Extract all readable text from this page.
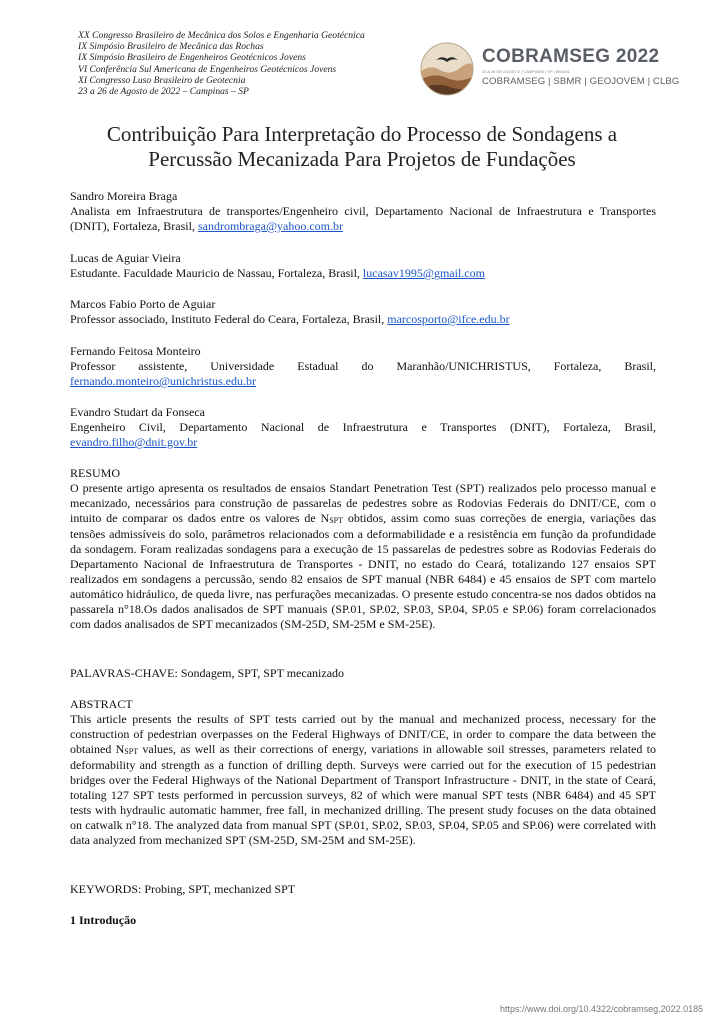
XX Congresso Brasileiro de Mecânica dos Solos e Engenharia Geotécnica
IX Simpósio Brasileiro de Mecânica das Rochas
IX Simpósio Brasileiro de Engenheiros Geotécnicos Jovens
VI Conferência Sul Americana de Engenheiros Geotécnicos Jovens
XI Congresso Luso Brasileiro de Geotecnia
23 a 26 de Agosto de 2022 – Campinas – SP
COBRAMSEG 2022
23 A 26 DE AGOSTO | CAMPINAS | SP | BRASIL
COBRAMSEG | SBMR | GEOJOVEM | CLBG
Contribuição Para Interpretação do Processo de Sondagens a
Percussão Mecanizada Para Projetos de Fundações
Sandro Moreira Braga
Analista em Infraestrutura de transportes/Engenheiro civil, Departamento Nacional de Infraestrutura e Transportes (DNIT), Fortaleza, Brasil, sandrombraga@yahoo.com.br
Lucas de Aguiar Vieira
Estudante. Faculdade Mauricio de Nassau, Fortaleza, Brasil, lucasav1995@gmail.com
Marcos Fabio Porto de Aguiar
Professor associado, Instituto Federal do Ceara, Fortaleza, Brasil, marcosporto@ifce.edu.br
Fernando Feitosa Monteiro
Professor assistente, Universidade Estadual do Maranhão/UNICHRISTUS, Fortaleza, Brasil, fernando.monteiro@unichristus.edu.br
Evandro Studart da Fonseca
Engenheiro Civil, Departamento Nacional de Infraestrutura e Transportes (DNIT), Fortaleza, Brasil, evandro.filho@dnit.gov.br
RESUMO
O presente artigo apresenta os resultados de ensaios Standart Penetration Test (SPT) realizados pelo processo manual e mecanizado, necessários para construção de passarelas de pedestres sobre as Rodovias Federais do DNIT/CE, com o intuito de comparar os dados entre os valores de $N_{SPT}$ obtidos, assim como suas correções de energia, variações das tensões admissíveis do solo, parâmetros relacionados com a deformabilidade e a resistência em função da profundidade da sondagem. Foram realizadas sondagens para a execução de 15 passarelas de pedestres sobre as Rodovias Federais do Departamento Nacional de Infraestrutura de Transportes - DNIT, no estado do Ceará, totalizando 127 ensaios SPT realizados em sondagens a percussão, sendo 82 ensaios de SPT manual (NBR 6484) e 45 ensaios de SPT com martelo automático hidráulico, de queda livre, nas perfurações mecanizadas. O presente estudo concentra-se nos dados obtidos na passarela n°18.Os dados analisados de SPT manuais (SP.01, SP.02, SP.03, SP.04, SP.05 e SP.06) foram correlacionados com dados analisados de SPT mecanizados (SM-25D, SM-25M e SM-25E).
PALAVRAS-CHAVE: Sondagem, SPT, SPT mecanizado
ABSTRACT
This article presents the results of SPT tests carried out by the manual and mechanized process, necessary for the construction of pedestrian overpasses on the Federal Highways of DNIT/CE, in order to compare the data between the obtained $N_{SPT}$ values, as well as their corrections of energy, variations in allowable soil stresses, parameters related to deformability and strength as a function of drilling depth. Surveys were carried out for the execution of 15 pedestrian bridges over the Federal Highways of the National Department of Transport Infrastructure - DNIT, in the state of Ceará, totaling 127 SPT tests performed in percussion surveys, 82 of which were manual SPT tests (NBR 6484) and 45 SPT tests with hydraulic automatic hammer, free fall, in mechanized drilling. The present study focuses on the data obtained on catwalk n°18. The analyzed data from manual SPT (SP.01, SP.02, SP.03, SP.04, SP.05 and SP.06) were correlated with data analyzed from mechanized SPT (SM-25D, SM-25M and SM-25E).
KEYWORDS: Probing, SPT, mechanized SPT
1 Introdução
https://www.doi.org/10.4322/cobramseg.2022.0185
